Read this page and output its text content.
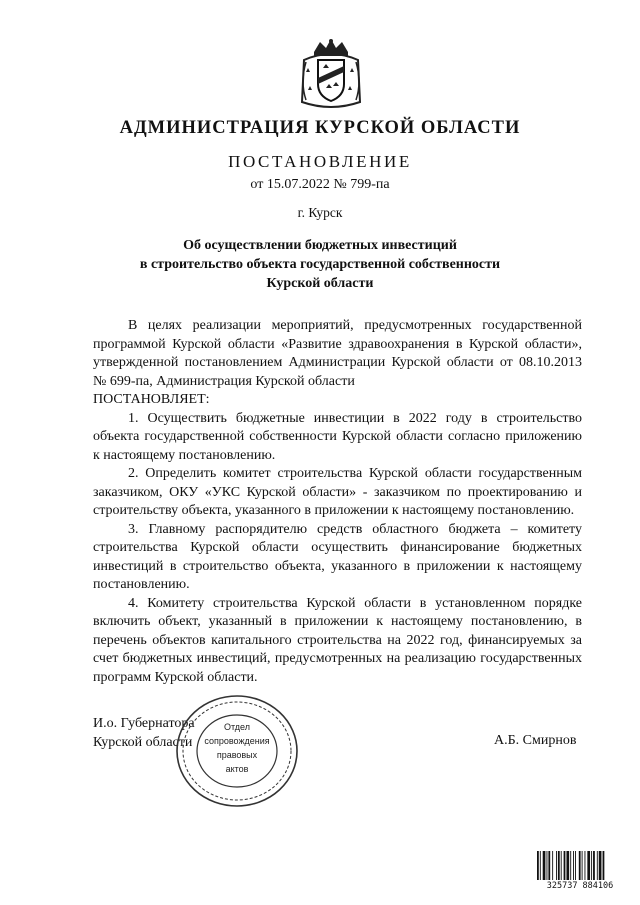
АДМИНИСТРАЦИЯ КУРСКОЙ ОБЛАСТИ
ПОСТАНОВЛЕНИЕ
от 15.07.2022 № 799-па
г. Курск
Об осуществлении бюджетных инвестиций
в строительство объекта государственной собственности
Курской области

В целях реализации мероприятий, предусмотренных государственной программой Курской области «Развитие здравоохранения в Курской области», утвержденной постановлением Администрации Курской области от 08.10.2013 № 699-па, Администрация Курской области

ПОСТАНОВЛЯЕТ:

1. Осуществить бюджетные инвестиции в 2022 году в строительство объекта государственной собственности Курской области согласно приложению к настоящему постановлению.

2. Определить комитет строительства Курской области государственным заказчиком, ОКУ «УКС Курской области» - заказчиком по проектированию и строительству объекта, указанного в приложении к настоящему постановлению.

3. Главному распорядителю средств областного бюджета – комитету строительства Курской области осуществить финансирование бюджетных инвестиций в строительство объекта, указанного в приложении к настоящему постановлению.

4. Комитету строительства Курской области в установленном порядке включить объект, указанный в приложении к настоящему постановлению, в перечень объектов капитального строительства на 2022 год, финансируемых за счет бюджетных инвестиций, предусмотренных на реализацию государственных программ Курской области.

И.о. Губернатора
Курской области	А.Б. Смирнов
Отдел
сопровождения
правовых
актов
325737 884106
